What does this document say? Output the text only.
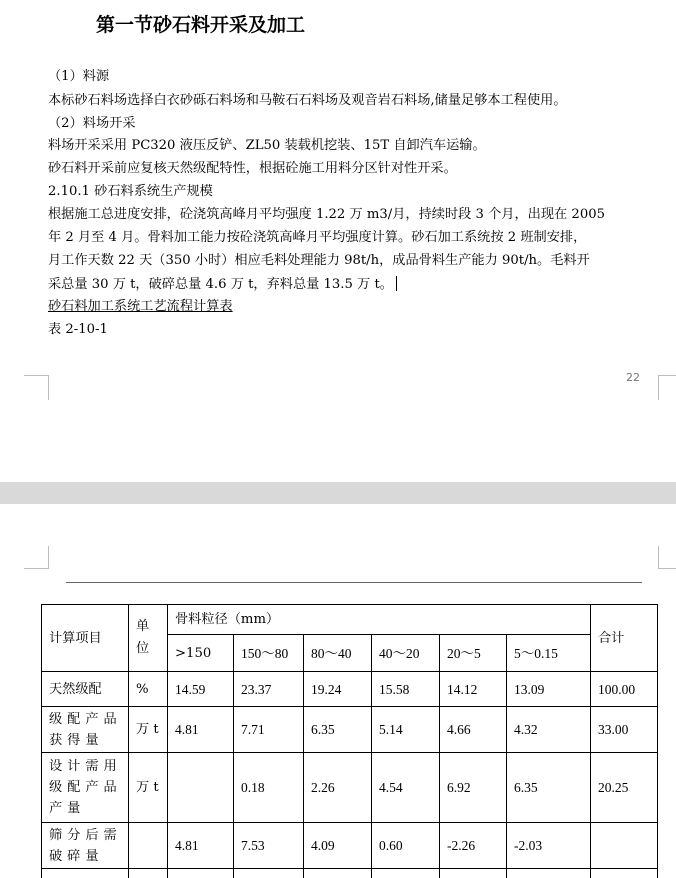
第一节砂石料开采及加工
（1）料源
本标砂石料场选择白衣砂砾石料场和马鞍石石料场及观音岩石料场,储量足够本工程使用。
（2）料场开采
料场开采采用 PC320 液压反铲、ZL50 装载机挖装、15T 自卸汽车运输。
砂石料开采前应复核天然级配特性，根据砼施工用料分区针对性开采。
2.10.1 砂石料系统生产规模
根据施工总进度安排，砼浇筑高峰月平均强度 1.22 万 m3/月，持续时段 3 个月，出现在 2005
年 2 月至 4 月。骨料加工能力按砼浇筑高峰月平均强度计算。砂石加工系统按 2 班制安排，
月工作天数 22 天（350 小时）相应毛料处理能力 98t/h，成品骨料生产能力 90t/h。毛料开
采总量 30 万 t，破碎总量 4.6 万 t，弃料总量 13.5 万 t。
砂石料加工系统工艺流程计算表
表 2-10-1
22
计算项目	单位	骨料粒径（mm）						合计
		>150	150～80	80～40	40～20	20～5	5～0.15	
天然级配	%	14.59	23.37	19.24	15.58	14.12	13.09	100.00

级配产品获得量	万 t	4.81	7.71	6.35	5.14	4.66	4.32	33.00

设计需用级配产品产量	万 t		0.18	2.26	4.54	6.92	6.35	20.25

筛分后需破碎量		4.81	7.53	4.09	0.60	-2.26	-2.03	
